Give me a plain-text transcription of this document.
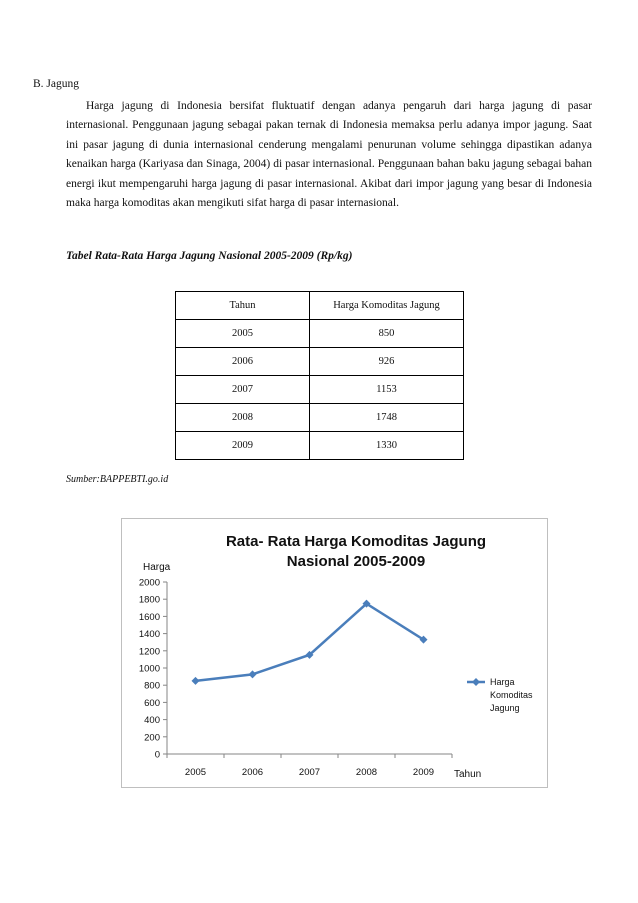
B. Jagung

Harga jagung di Indonesia bersifat fluktuatif dengan adanya pengaruh dari harga jagung di pasar internasional. Penggunaan jagung sebagai pakan ternak di Indonesia memaksa perlu adanya impor jagung. Saat ini pasar jagung di dunia internasional cenderung mengalami penurunan volume sehingga dipastikan adanya kenaikan harga (Kariyasa dan Sinaga, 2004) di pasar internasional. Penggunaan bahan baku jagung sebagai bahan energi ikut mempengaruhi harga jagung di pasar internasional. Akibat dari impor jagung yang besar di Indonesia maka harga komoditas akan mengikuti sifat harga di pasar internasional.

Tabel Rata-Rata Harga Jagung Nasional 2005-2009 (Rp/kg)
Tahun	Harga Komoditas Jagung
2005	850
2006	926
2007	1153
2008	1748
2009	1330
Sumber:BAPPEBTI.go.id
Rata- Rata Harga Komoditas Jagung
Nasional 2005-2009
Harga
Tahun
0
200
400
600
800
1000
1200
1400
1600
1800
2000
2005	2006	2007	2008	2009
Harga
Komoditas
Jagung
